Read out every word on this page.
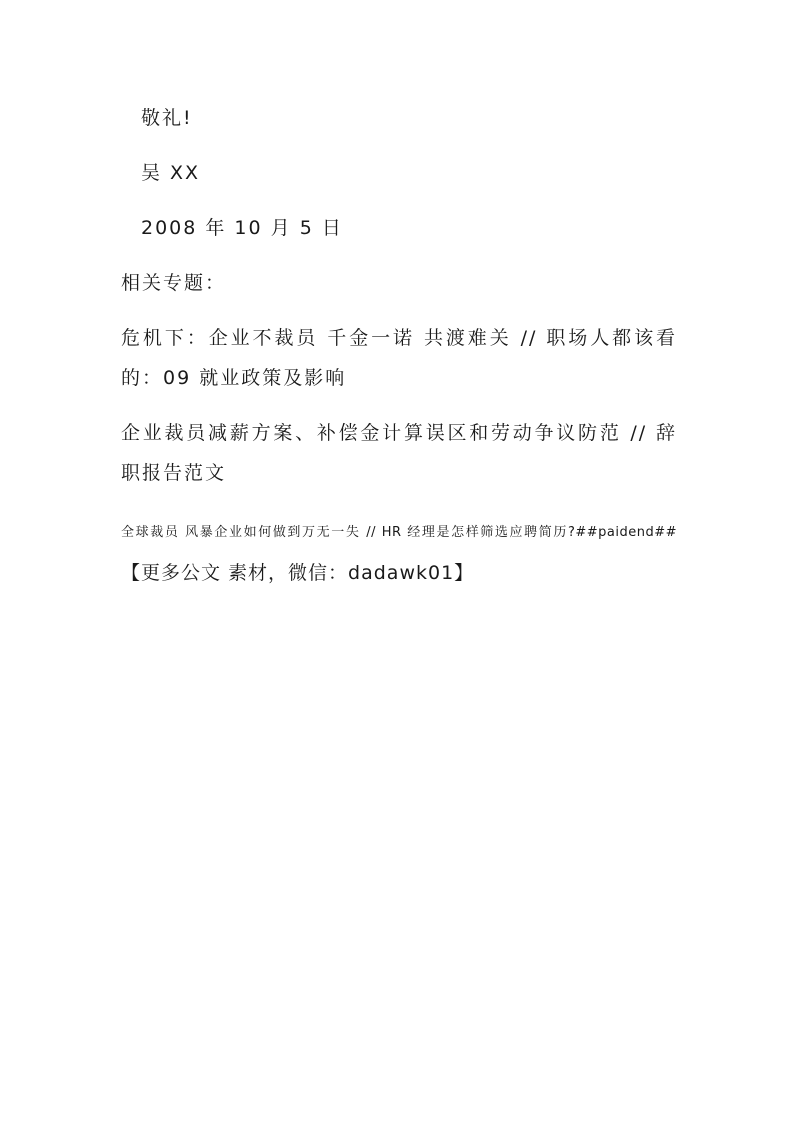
敬礼!
吴 XX
2008 年 10 月 5 日
相关专题：
危机下：企业不裁员 千金一诺 共渡难关 // 职场人都该看的：09 就业政策及影响
企业裁员减薪方案、补偿金计算误区和劳动争议防范 // 辞职报告范文
全球裁员 风暴企业如何做到万无一失 // HR 经理是怎样筛选应聘简历?##paidend##【更多公文 素材，微信：dadawk01】
